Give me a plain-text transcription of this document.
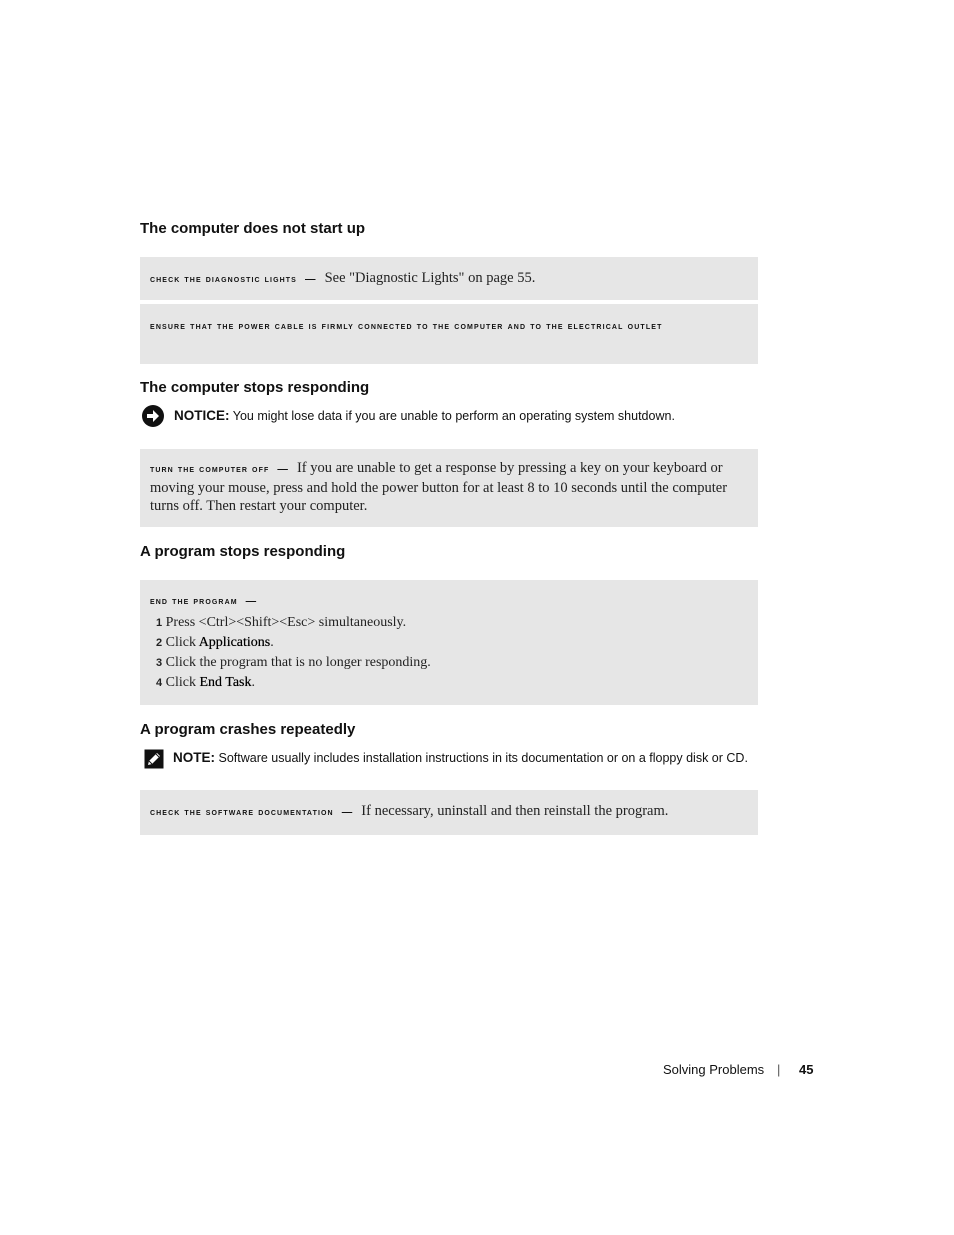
The computer does not start up
check the diagnostic lights — See "Diagnostic Lights" on page 55.
ensure that the power cable is firmly connected to the computer and to the electrical outlet
The computer stops responding
NOTICE: You might lose data if you are unable to perform an operating system shutdown.
turn the computer off — If you are unable to get a response by pressing a key on your keyboard or moving your mouse, press and hold the power button for at least 8 to 10 seconds until the computer turns off. Then restart your computer.
A program stops responding
end the program —
1 Press <Ctrl><Shift><Esc> simultaneously.
2 Click Applications.
3 Click the program that is no longer responding.
4 Click End Task.
A program crashes repeatedly
NOTE: Software usually includes installation instructions in its documentation or on a floppy disk or CD.
check the software documentation — If necessary, uninstall and then reinstall the program.
Solving Problems | 45
